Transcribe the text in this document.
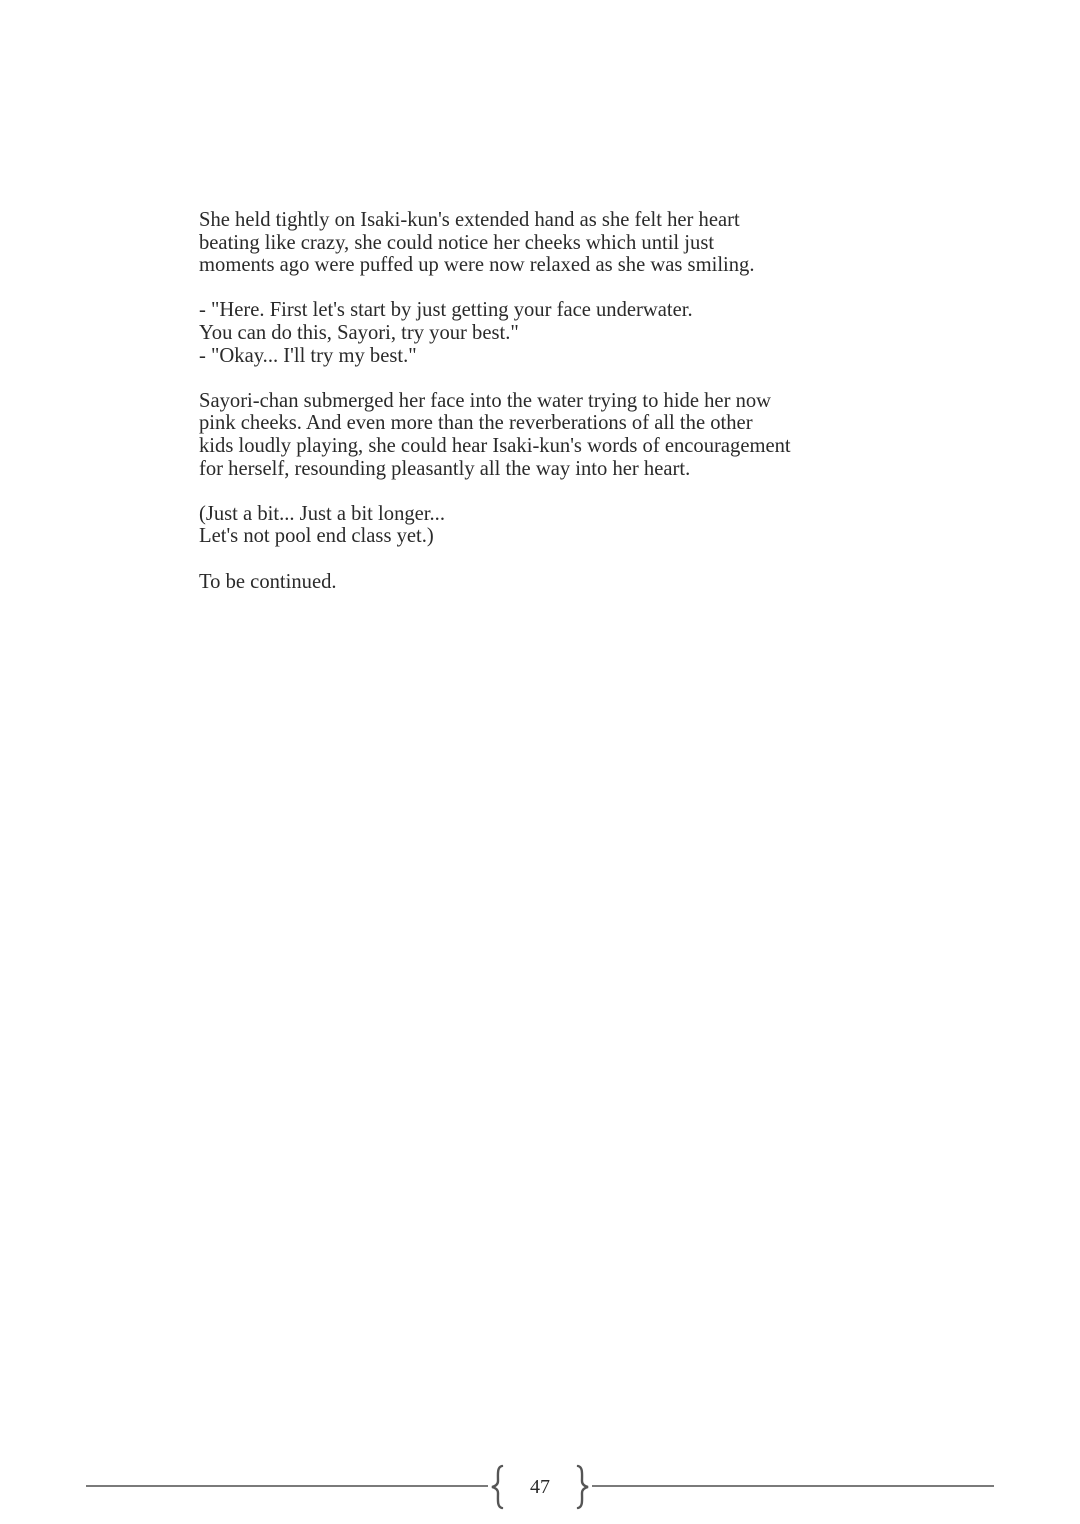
She held tightly on Isaki-kun's extended hand as she felt her heart
beating like crazy, she could notice her cheeks which until just
moments ago were puffed up were now relaxed as she was smiling.

- "Here. First let's start by just getting your face underwater.
You can do this, Sayori, try your best."
- "Okay... I'll try my best."

Sayori-chan submerged her face into the water trying to hide her now
pink cheeks. And even more than the reverberations of all the other
kids loudly playing, she could hear Isaki-kun's words of encouragement
for herself, resounding pleasantly all the way into her heart.

(Just a bit... Just a bit longer...
Let's not pool end class yet.)

To be continued.

47
